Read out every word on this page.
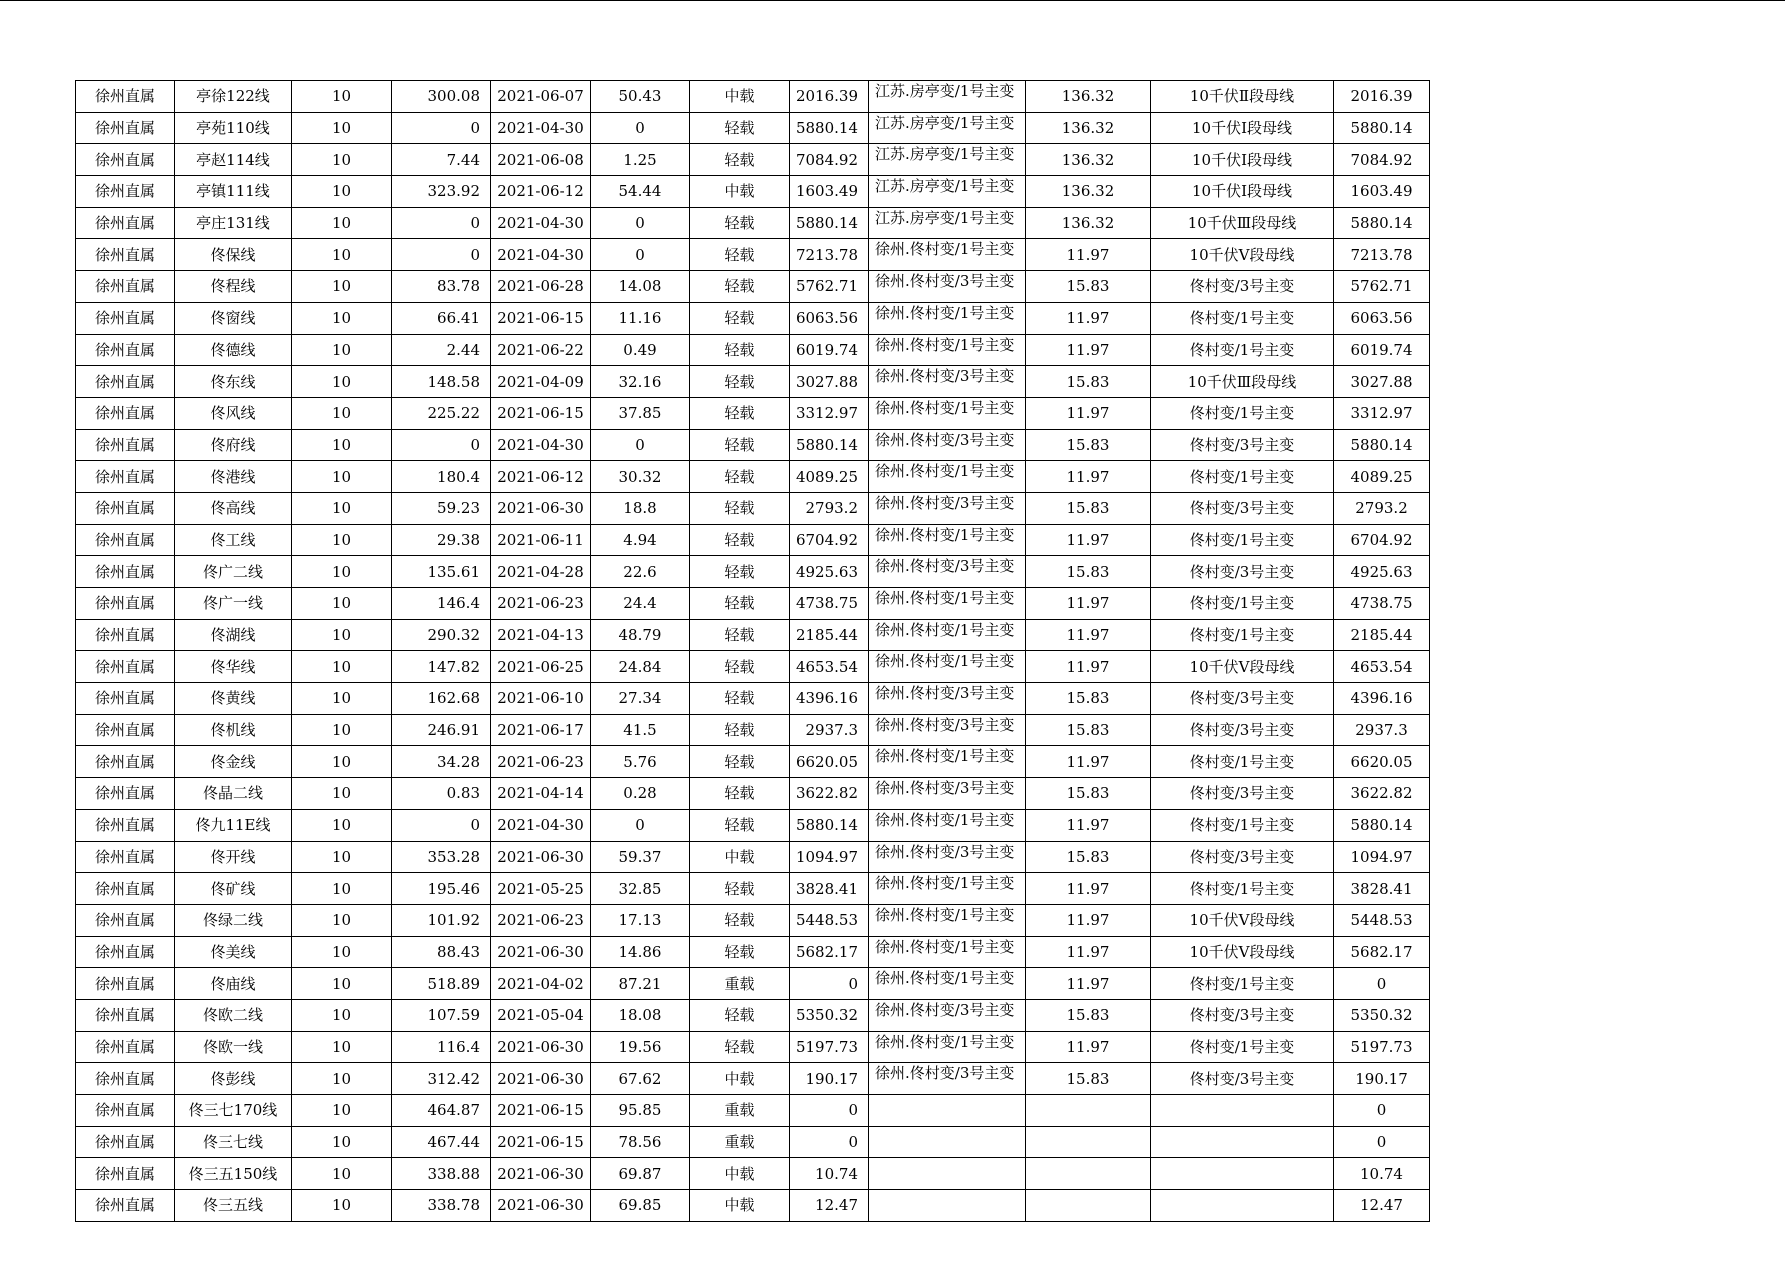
徐州直属	亭徐122线	10	300.08	2021-06-07	50.43	中载	2016.39	江苏.房亭变/1号主变	136.32	10千伏Ⅱ段母线	2016.39
徐州直属	亭苑110线	10	0	2021-04-30	0	轻载	5880.14	江苏.房亭变/1号主变	136.32	10千伏Ⅰ段母线	5880.14
徐州直属	亭赵114线	10	7.44	2021-06-08	1.25	轻载	7084.92	江苏.房亭变/1号主变	136.32	10千伏Ⅰ段母线	7084.92
徐州直属	亭镇111线	10	323.92	2021-06-12	54.44	中载	1603.49	江苏.房亭变/1号主变	136.32	10千伏Ⅰ段母线	1603.49
徐州直属	亭庄131线	10	0	2021-04-30	0	轻载	5880.14	江苏.房亭变/1号主变	136.32	10千伏Ⅲ段母线	5880.14
徐州直属	佟保线	10	0	2021-04-30	0	轻载	7213.78	徐州.佟村变/1号主变	11.97	10千伏Ⅴ段母线	7213.78
徐州直属	佟程线	10	83.78	2021-06-28	14.08	轻载	5762.71	徐州.佟村变/3号主变	15.83	佟村变/3号主变	5762.71
徐州直属	佟窗线	10	66.41	2021-06-15	11.16	轻载	6063.56	徐州.佟村变/1号主变	11.97	佟村变/1号主变	6063.56
徐州直属	佟德线	10	2.44	2021-06-22	0.49	轻载	6019.74	徐州.佟村变/1号主变	11.97	佟村变/1号主变	6019.74
徐州直属	佟东线	10	148.58	2021-04-09	32.16	轻载	3027.88	徐州.佟村变/3号主变	15.83	10千伏Ⅲ段母线	3027.88
徐州直属	佟风线	10	225.22	2021-06-15	37.85	轻载	3312.97	徐州.佟村变/1号主变	11.97	佟村变/1号主变	3312.97
徐州直属	佟府线	10	0	2021-04-30	0	轻载	5880.14	徐州.佟村变/3号主变	15.83	佟村变/3号主变	5880.14
徐州直属	佟港线	10	180.4	2021-06-12	30.32	轻载	4089.25	徐州.佟村变/1号主变	11.97	佟村变/1号主变	4089.25
徐州直属	佟高线	10	59.23	2021-06-30	18.8	轻载	2793.2	徐州.佟村变/3号主变	15.83	佟村变/3号主变	2793.2
徐州直属	佟工线	10	29.38	2021-06-11	4.94	轻载	6704.92	徐州.佟村变/1号主变	11.97	佟村变/1号主变	6704.92
徐州直属	佟广二线	10	135.61	2021-04-28	22.6	轻载	4925.63	徐州.佟村变/3号主变	15.83	佟村变/3号主变	4925.63
徐州直属	佟广一线	10	146.4	2021-06-23	24.4	轻载	4738.75	徐州.佟村变/1号主变	11.97	佟村变/1号主变	4738.75
徐州直属	佟湖线	10	290.32	2021-04-13	48.79	轻载	2185.44	徐州.佟村变/1号主变	11.97	佟村变/1号主变	2185.44
徐州直属	佟华线	10	147.82	2021-06-25	24.84	轻载	4653.54	徐州.佟村变/1号主变	11.97	10千伏Ⅴ段母线	4653.54
徐州直属	佟黄线	10	162.68	2021-06-10	27.34	轻载	4396.16	徐州.佟村变/3号主变	15.83	佟村变/3号主变	4396.16
徐州直属	佟机线	10	246.91	2021-06-17	41.5	轻载	2937.3	徐州.佟村变/3号主变	15.83	佟村变/3号主变	2937.3
徐州直属	佟金线	10	34.28	2021-06-23	5.76	轻载	6620.05	徐州.佟村变/1号主变	11.97	佟村变/1号主变	6620.05
徐州直属	佟晶二线	10	0.83	2021-04-14	0.28	轻载	3622.82	徐州.佟村变/3号主变	15.83	佟村变/3号主变	3622.82
徐州直属	佟九11E线	10	0	2021-04-30	0	轻载	5880.14	徐州.佟村变/1号主变	11.97	佟村变/1号主变	5880.14
徐州直属	佟开线	10	353.28	2021-06-30	59.37	中载	1094.97	徐州.佟村变/3号主变	15.83	佟村变/3号主变	1094.97
徐州直属	佟矿线	10	195.46	2021-05-25	32.85	轻载	3828.41	徐州.佟村变/1号主变	11.97	佟村变/1号主变	3828.41
徐州直属	佟绿二线	10	101.92	2021-06-23	17.13	轻载	5448.53	徐州.佟村变/1号主变	11.97	10千伏Ⅴ段母线	5448.53
徐州直属	佟美线	10	88.43	2021-06-30	14.86	轻载	5682.17	徐州.佟村变/1号主变	11.97	10千伏Ⅴ段母线	5682.17
徐州直属	佟庙线	10	518.89	2021-04-02	87.21	重载	0	徐州.佟村变/1号主变	11.97	佟村变/1号主变	0
徐州直属	佟欧二线	10	107.59	2021-05-04	18.08	轻载	5350.32	徐州.佟村变/3号主变	15.83	佟村变/3号主变	5350.32
徐州直属	佟欧一线	10	116.4	2021-06-30	19.56	轻载	5197.73	徐州.佟村变/1号主变	11.97	佟村变/1号主变	5197.73
徐州直属	佟彭线	10	312.42	2021-06-30	67.62	中载	190.17	徐州.佟村变/3号主变	15.83	佟村变/3号主变	190.17
徐州直属	佟三七170线	10	464.87	2021-06-15	95.85	重载	0				0
徐州直属	佟三七线	10	467.44	2021-06-15	78.56	重载	0				0
徐州直属	佟三五150线	10	338.88	2021-06-30	69.87	中载	10.74				10.74
徐州直属	佟三五线	10	338.78	2021-06-30	69.85	中载	12.47				12.47
